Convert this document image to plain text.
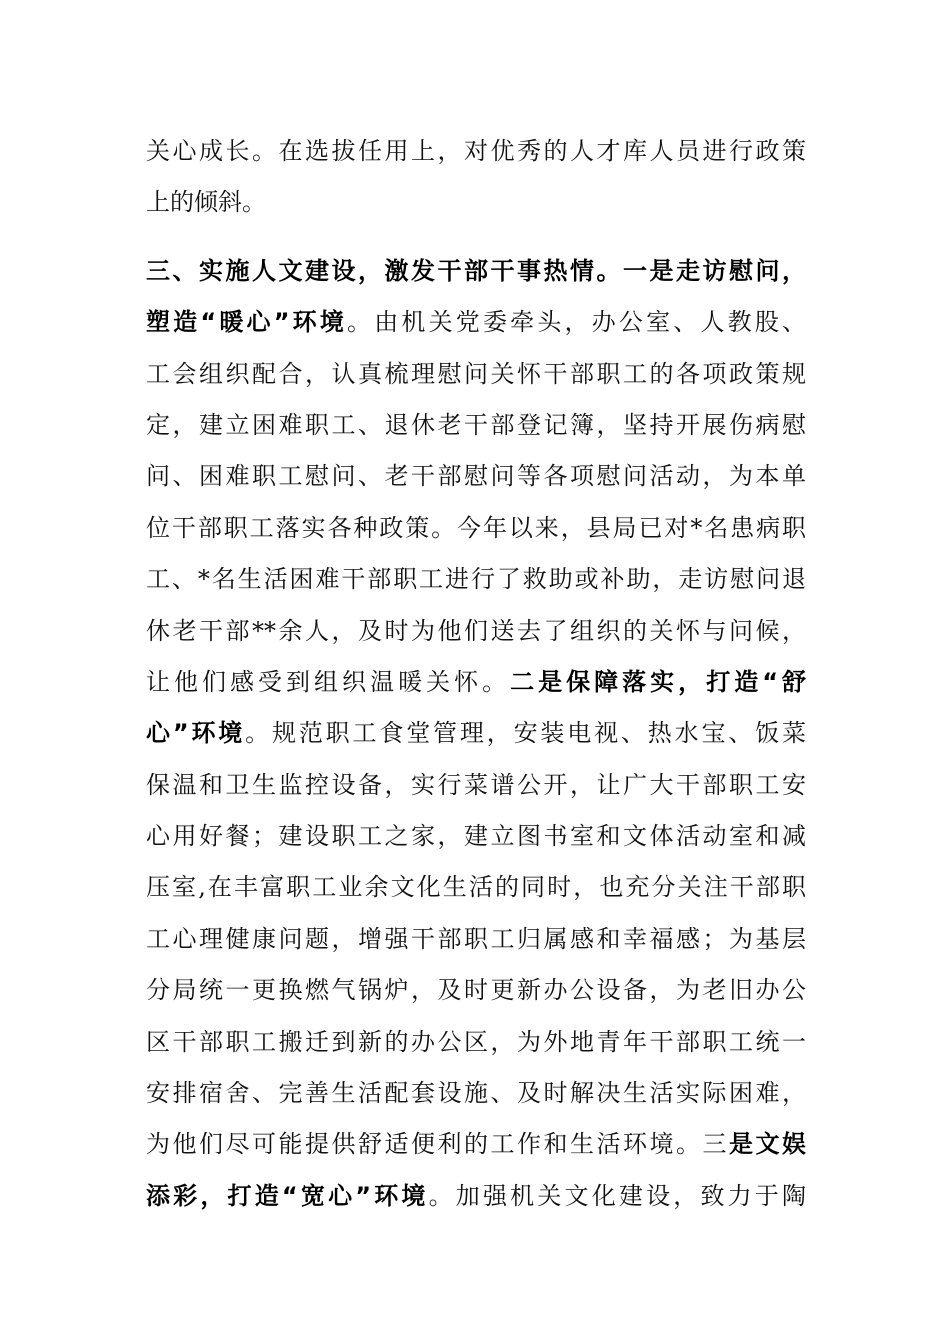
关心成长。在选拔任用上，对优秀的人才库人员进行政策
上的倾斜。
三、实施人文建设，激发干部干事热情。一是走访慰问，
塑造“暖心”环境。由机关党委牵头，办公室、人教股、
工会组织配合，认真梳理慰问关怀干部职工的各项政策规
定，建立困难职工、退休老干部登记簿，坚持开展伤病慰
问、困难职工慰问、老干部慰问等各项慰问活动，为本单
位干部职工落实各种政策。今年以来，县局已对*名患病职
工、*名生活困难干部职工进行了救助或补助，走访慰问退
休老干部**余人，及时为他们送去了组织的关怀与问候，
让他们感受到组织温暖关怀。二是保障落实，打造“舒
心”环境。规范职工食堂管理，安装电视、热水宝、饭菜
保温和卫生监控设备，实行菜谱公开，让广大干部职工安
心用好餐；建设职工之家，建立图书室和文体活动室和减
压室,在丰富职工业余文化生活的同时，也充分关注干部职
工心理健康问题，增强干部职工归属感和幸福感；为基层
分局统一更换燃气锅炉，及时更新办公设备，为老旧办公
区干部职工搬迁到新的办公区，为外地青年干部职工统一
安排宿舍、完善生活配套设施、及时解决生活实际困难，
为他们尽可能提供舒适便利的工作和生活环境。三是文娱
添彩，打造“宽心”环境。加强机关文化建设，致力于陶
